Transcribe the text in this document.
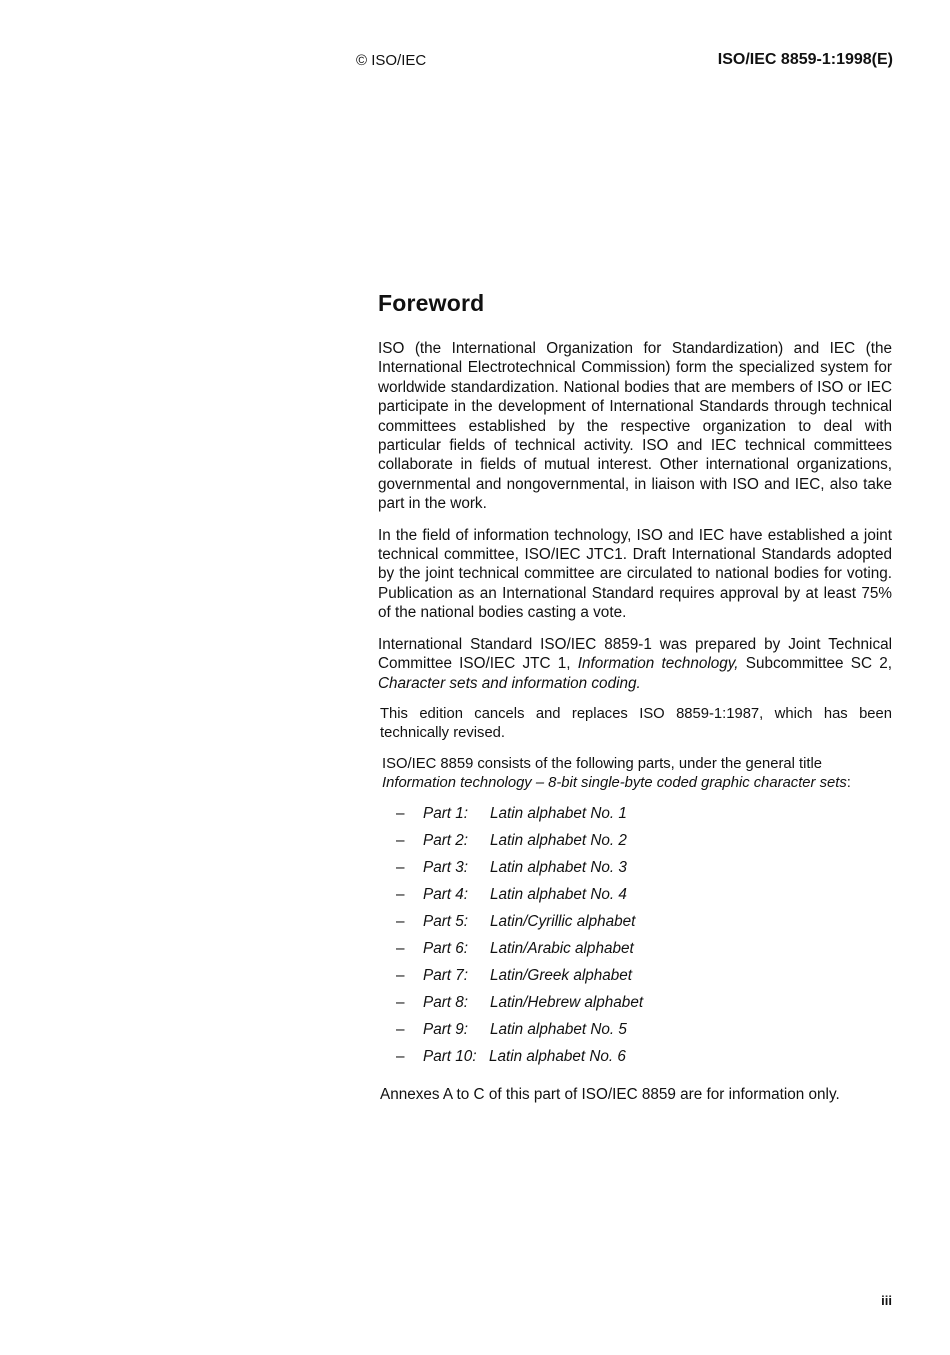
© ISO/IEC	ISO/IEC 8859-1:1998(E)
Foreword

ISO (the International Organization for Standardization) and IEC (the International Electrotechnical Commission) form the specialized system for worldwide standardization. National bodies that are members of ISO or IEC participate in the development of International Standards through technical committees established by the respective organization to deal with particular fields of technical activity. ISO and IEC technical committees collaborate in fields of mutual interest. Other international organizations, governmental and nongovernmental, in liaison with ISO and IEC, also take part in the work.

In the field of information technology, ISO and IEC have established a joint technical committee, ISO/IEC JTC1. Draft International Standards adopted by the joint technical committee are circulated to national bodies for voting. Publication as an International Standard requires approval by at least 75% of the national bodies casting a vote.

International Standard ISO/IEC 8859-1 was prepared by Joint Technical Committee ISO/IEC JTC 1, Information technology, Subcommittee SC 2, Character sets and information coding.

This edition cancels and replaces ISO 8859-1:1987, which has been technically revised.

ISO/IEC 8859 consists of the following parts, under the general title Information technology – 8-bit single-byte coded graphic character sets:

–	Part 1:	Latin alphabet No. 1
–	Part 2:	Latin alphabet No. 2
–	Part 3:	Latin alphabet No. 3
–	Part 4:	Latin alphabet No. 4
–	Part 5:	Latin/Cyrillic alphabet
–	Part 6:	Latin/Arabic alphabet
–	Part 7:	Latin/Greek alphabet
–	Part 8:	Latin/Hebrew alphabet
–	Part 9:	Latin alphabet No. 5
–	Part 10: Latin alphabet No. 6
Annexes A to C of this part of ISO/IEC 8859 are for information only.
iii
